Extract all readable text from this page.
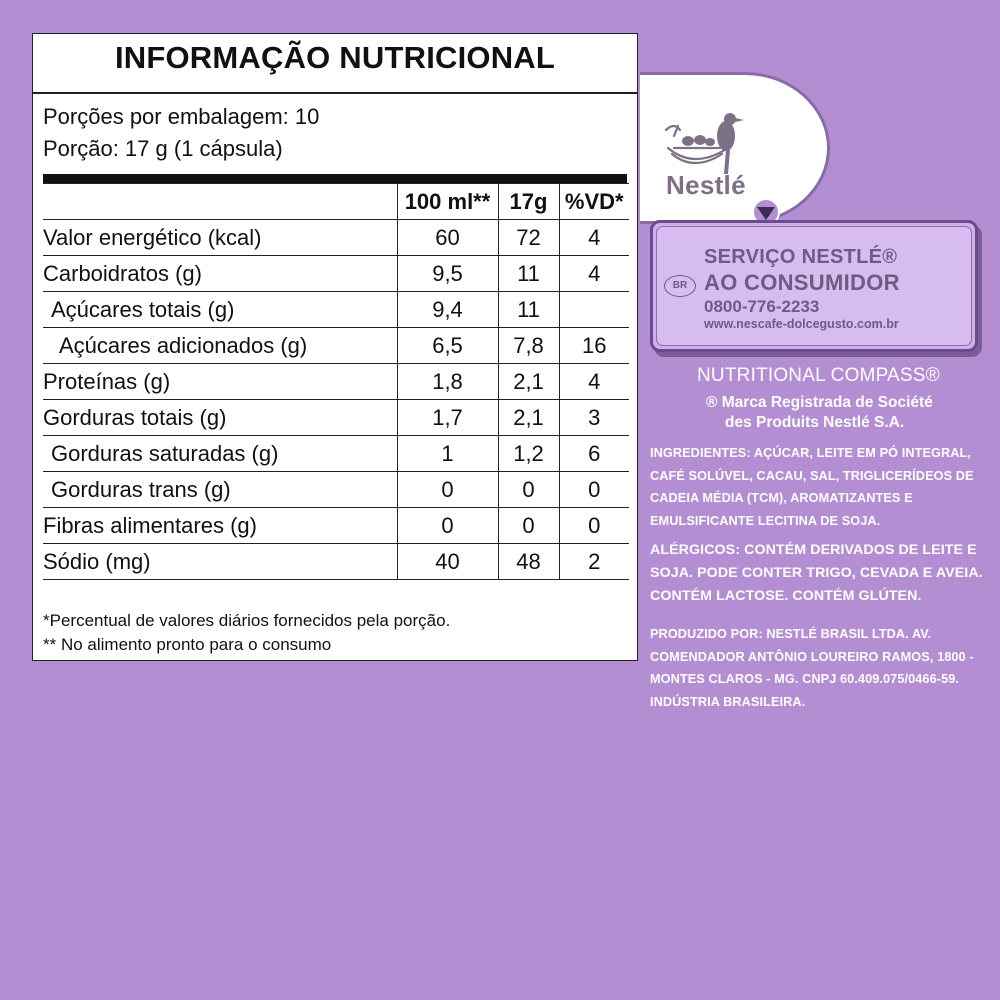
INFORMAÇÃO NUTRICIONAL
Porções por embalagem: 10
Porção: 17 g (1 cápsula)
	100 ml**	17g	%VD*
Valor energético (kcal)	60	72	4
Carboidratos (g)	9,5	11	4
Açúcares totais (g)	9,4	11	
Açúcares adicionados (g)	6,5	7,8	16
Proteínas (g)	1,8	2,1	4
Gorduras totais (g)	1,7	2,1	3
Gorduras saturadas (g)	1	1,2	6
Gorduras trans (g)	0	0	0
Fibras alimentares (g)	0	0	0
Sódio (mg)	40	48	2
*Percentual de valores diários fornecidos pela porção.
** No alimento pronto para o consumo
Nestlé
SERVIÇO NESTLÉ®
AO CONSUMIDOR
BR
0800-776-2233
www.nescafe-dolcegusto.com.br
NUTRITIONAL COMPASS®
® Marca Registrada de Société
des Produits Nestlé S.A.
INGREDIENTES: AÇÚCAR, LEITE EM PÓ INTEGRAL, CAFÉ SOLÚVEL, CACAU, SAL, TRIGLICERÍDEOS DE CADEIA MÉDIA (TCM), AROMATIZANTES E EMULSIFICANTE LECITINA DE SOJA.
ALÉRGICOS: CONTÉM DERIVADOS DE LEITE E SOJA. PODE CONTER TRIGO, CEVADA E AVEIA. CONTÉM LACTOSE. CONTÉM GLÚTEN.
PRODUZIDO POR: NESTLÉ BRASIL LTDA. AV. COMENDADOR ANTÔNIO LOUREIRO RAMOS, 1800 - MONTES CLAROS - MG. CNPJ 60.409.075/0466-59. INDÚSTRIA BRASILEIRA.
